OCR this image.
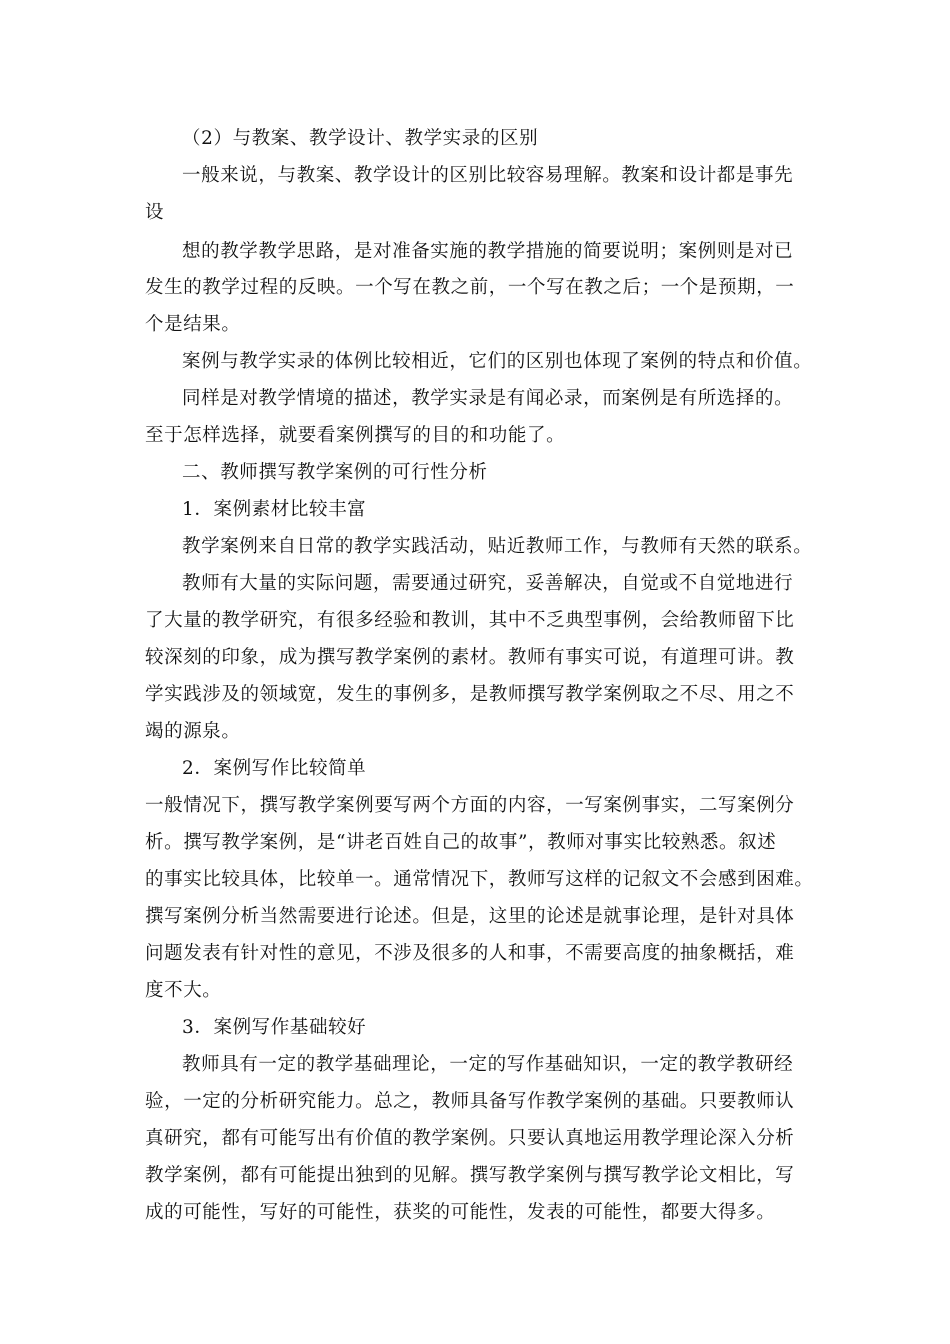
（2）与教案、教学设计、教学实录的区别
一般来说，与教案、教学设计的区别比较容易理解。教案和设计都是事先
设
想的教学教学思路，是对准备实施的教学措施的简要说明；案例则是对已
发生的教学过程的反映。一个写在教之前，一个写在教之后；一个是预期，一
个是结果。
案例与教学实录的体例比较相近，它们的区别也体现了案例的特点和价值。
同样是对教学情境的描述，教学实录是有闻必录，而案例是有所选择的。
至于怎样选择，就要看案例撰写的目的和功能了。
二、教师撰写教学案例的可行性分析
1．案例素材比较丰富
教学案例来自日常的教学实践活动，贴近教师工作，与教师有天然的联系。
教师有大量的实际问题，需要通过研究，妥善解决，自觉或不自觉地进行
了大量的教学研究，有很多经验和教训，其中不乏典型事例，会给教师留下比
较深刻的印象，成为撰写教学案例的素材。教师有事实可说，有道理可讲。教
学实践涉及的领域宽，发生的事例多，是教师撰写教学案例取之不尽、用之不
竭的源泉。
2．案例写作比较简单
一般情况下，撰写教学案例要写两个方面的内容，一写案例事实，二写案例分
析。撰写教学案例，是“讲老百姓自己的故事”，教师对事实比较熟悉。叙述
的事实比较具体，比较单一。通常情况下，教师写这样的记叙文不会感到困难。
撰写案例分析当然需要进行论述。但是，这里的论述是就事论理，是针对具体
问题发表有针对性的意见，不涉及很多的人和事，不需要高度的抽象概括，难
度不大。
3．案例写作基础较好
教师具有一定的教学基础理论，一定的写作基础知识，一定的教学教研经
验，一定的分析研究能力。总之，教师具备写作教学案例的基础。只要教师认
真研究，都有可能写出有价值的教学案例。只要认真地运用教学理论深入分析
教学案例，都有可能提出独到的见解。撰写教学案例与撰写教学论文相比，写
成的可能性，写好的可能性，获奖的可能性，发表的可能性，都要大得多。
